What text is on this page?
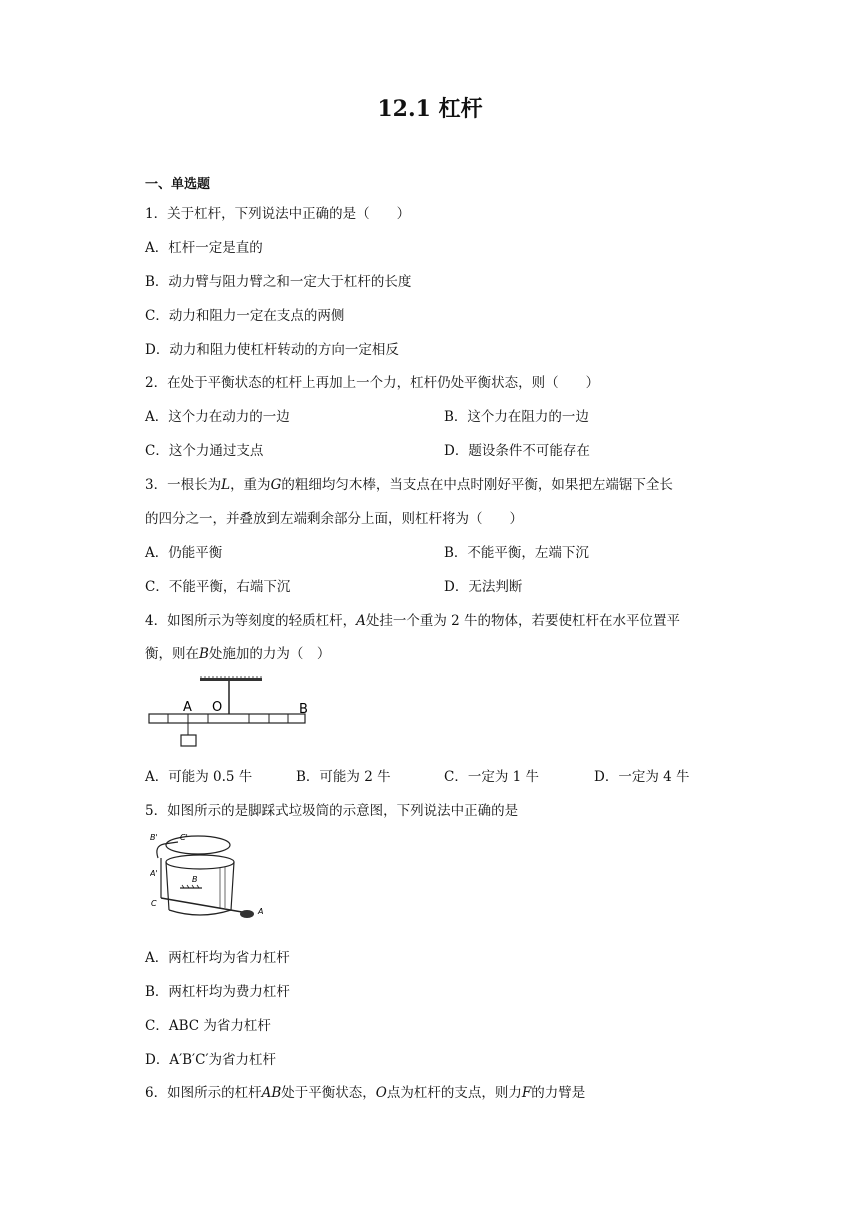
12.1 杠杆
一、单选题
1．关于杠杆，下列说法中正确的是（　　）
A．杠杆一定是直的
B．动力臂与阻力臂之和一定大于杠杆的长度
C．动力和阻力一定在支点的两侧
D．动力和阻力使杠杆转动的方向一定相反
2．在处于平衡状态的杠杆上再加上一个力，杠杆仍处平衡状态，则（　　）
A．这个力在动力的一边	B．这个力在阻力的一边
C．这个力通过支点	D．题设条件不可能存在
3．一根长为L，重为G的粗细均匀木棒，当支点在中点时刚好平衡，如果把左端锯下全长
的四分之一，并叠放到左端剩余部分上面，则杠杆将为（　　）
A．仍能平衡	B．不能平衡，左端下沉
C．不能平衡，右端下沉	D．无法判断
4．如图所示为等刻度的轻质杠杆，A处挂一个重为 2 牛的物体，若要使杠杆在水平位置平
衡，则在B处施加的力为（　）
A O	B
A．可能为 0.5 牛	B．可能为 2 牛	C．一定为 1 牛	D．一定为 4 牛
5．如图所示的是脚踩式垃圾筒的示意图，下列说法中正确的是
B'	C'
A'
B
C
A
A．两杠杆均为省力杠杆
B．两杠杆均为费力杠杆
C．ABC 为省力杠杆
D．A′B′C′为省力杠杆
6．如图所示的杠杆AB处于平衡状态，O点为杠杆的支点，则力F的力臂是
